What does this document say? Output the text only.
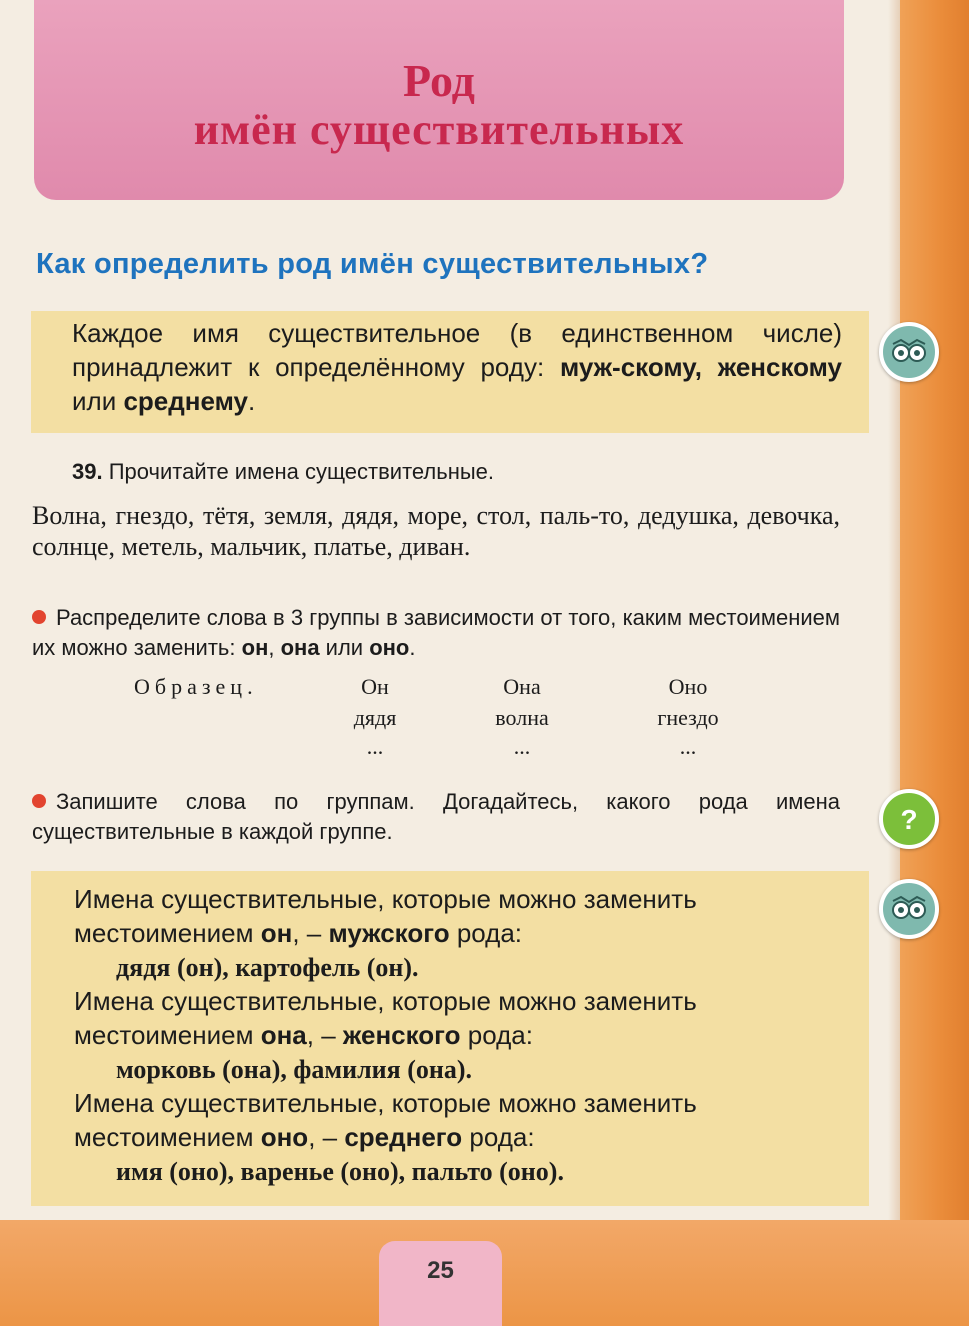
Род
имён существительных
Как определить род имён существительных?
Каждое имя существительное (в единственном числе) принадлежит к определённому роду: муж-скому, женскому или среднему.
39. Прочитайте имена существительные.
Волна, гнездо, тётя, земля, дядя, море, стол, паль-то, дедушка, девочка, солнце, метель, мальчик, платье, диван.
Распределите слова в 3 группы в зависимости от того, каким местоимением их можно заменить: он, она или оно.
Образец.	Он
дядя
...
Она
волна
...
Оно
гнездо
...
Запишите слова по группам. Догадайтесь, какого рода имена существительные в каждой группе.	?
Имена существительные, которые можно заменить
местоимением он, – мужского рода:
дядя (он), картофель (он).
Имена существительные, которые можно заменить
местоимением она, – женского рода:
морковь (она), фамилия (она).
Имена существительные, которые можно заменить
местоимением оно, – среднего рода:
имя (оно), варенье (оно), пальто (оно).
25
